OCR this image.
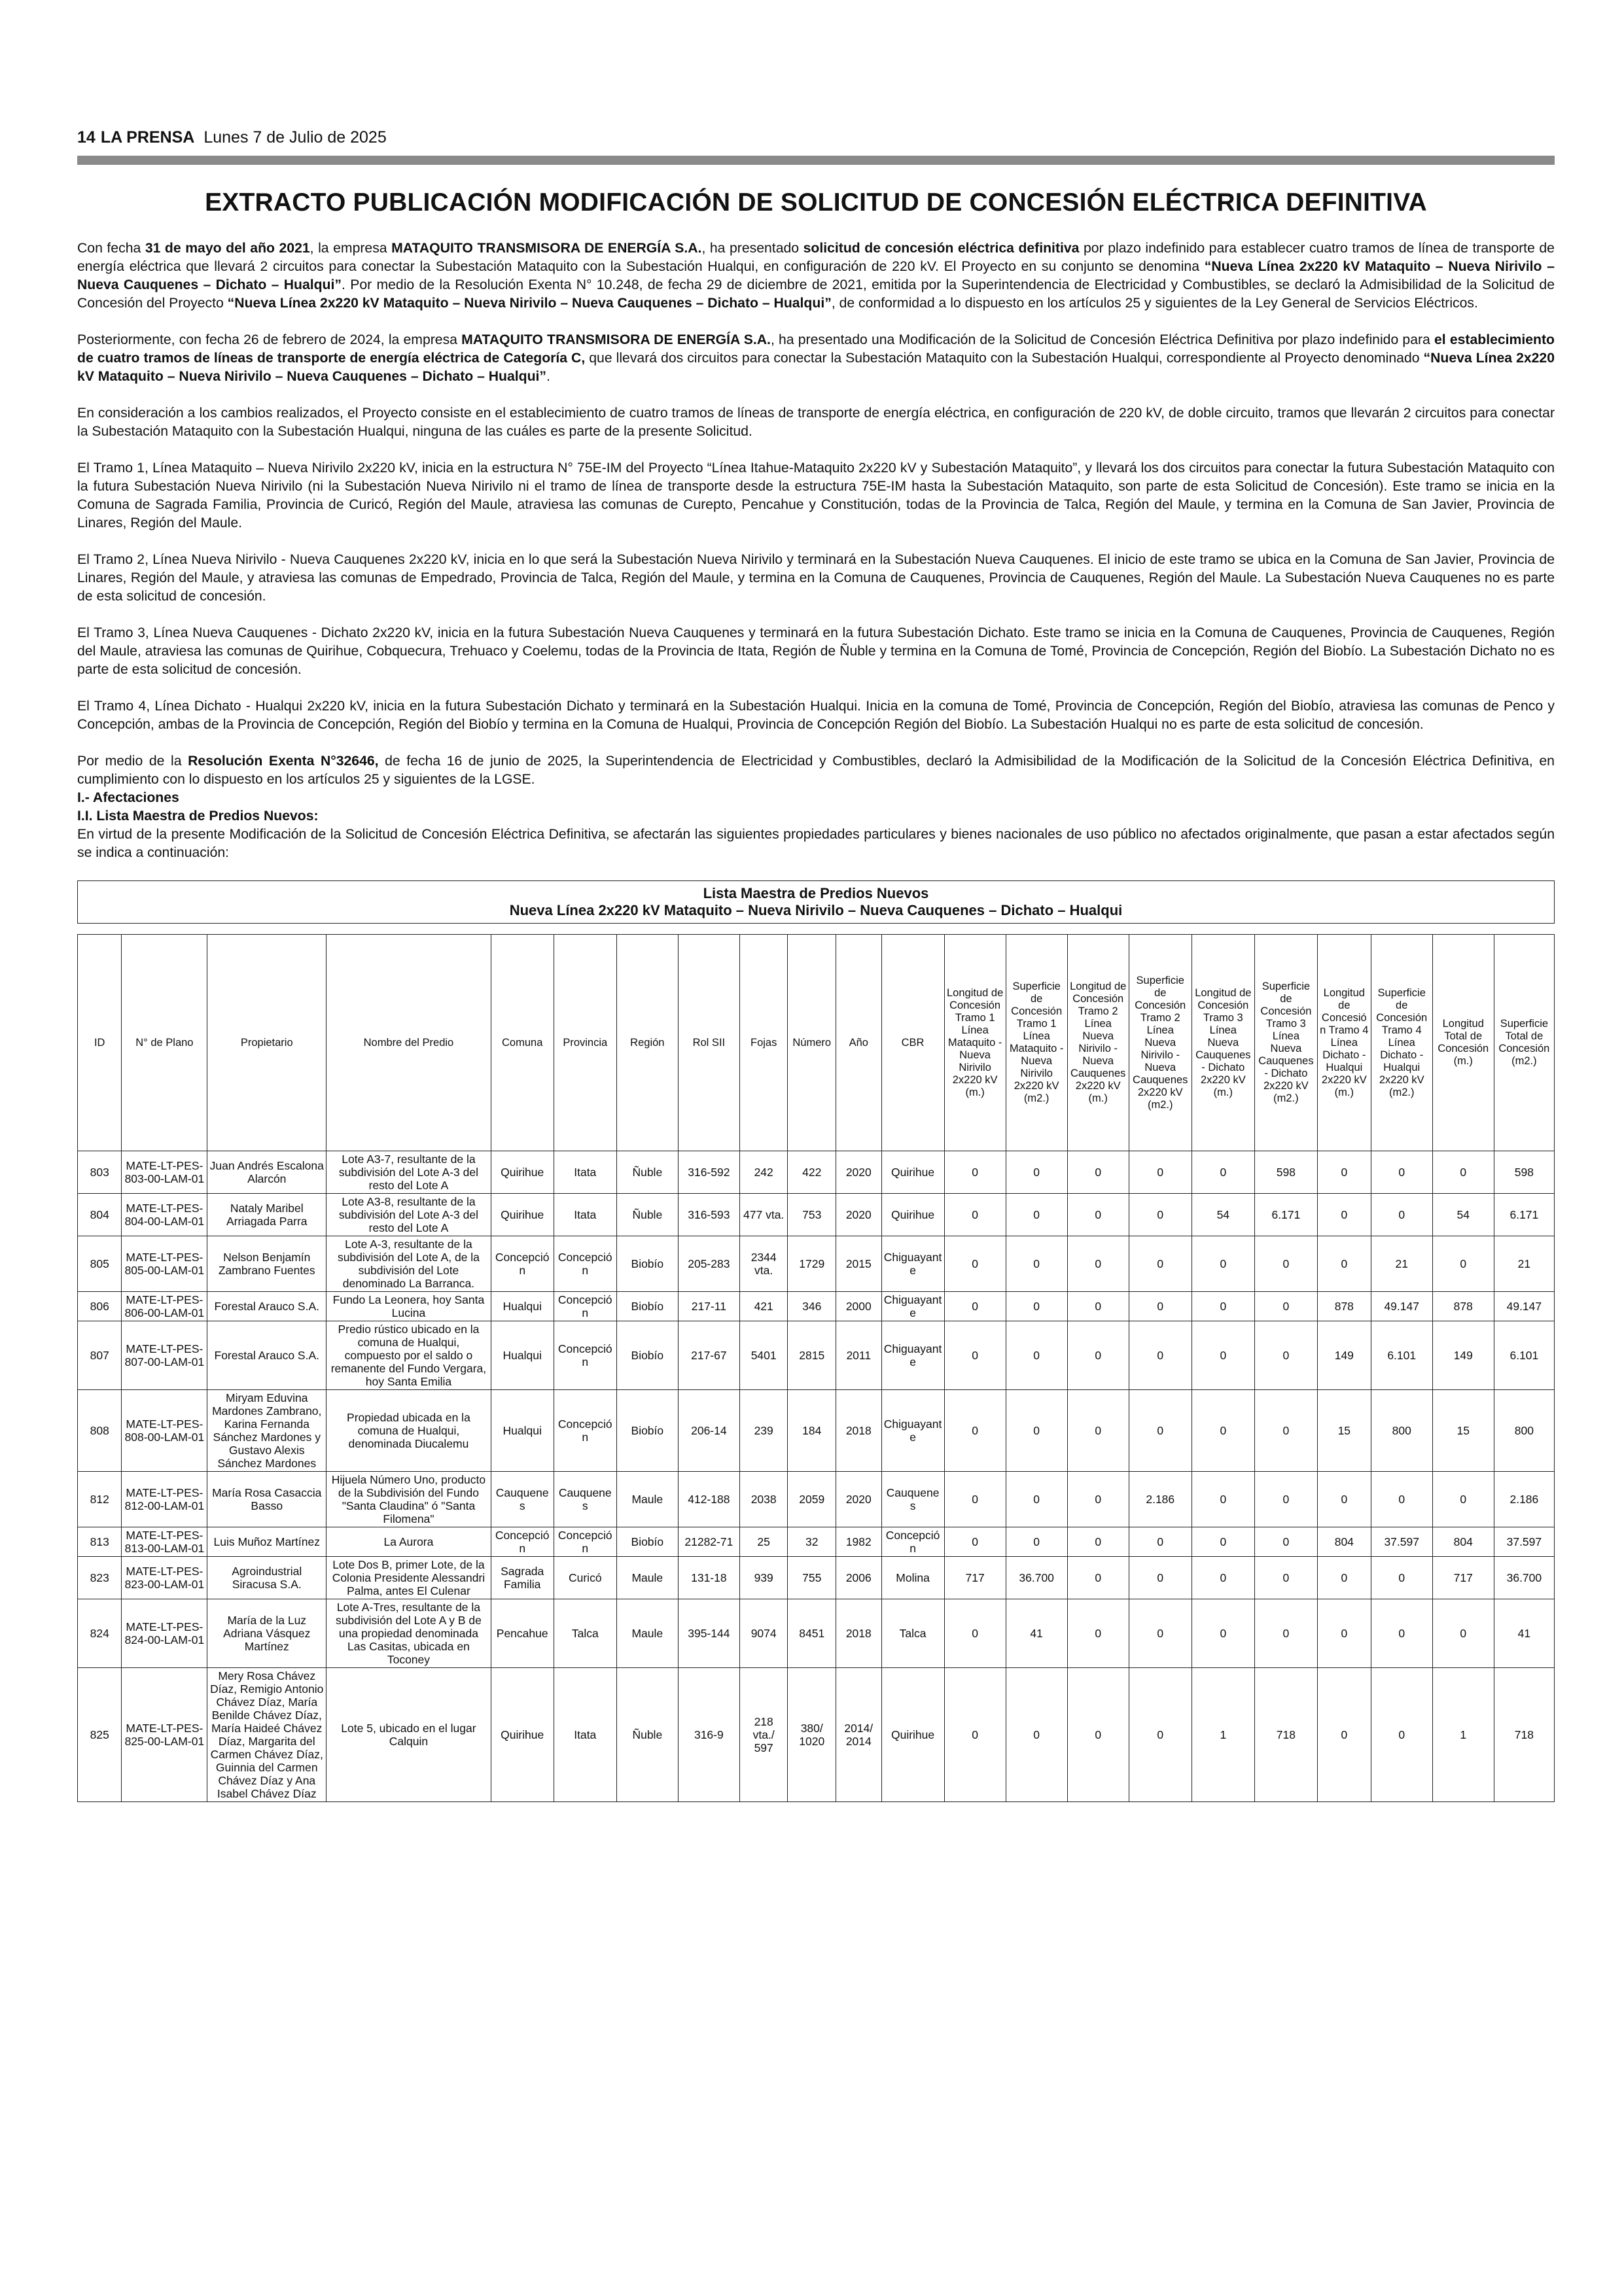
14 LA PRENSA Lunes 7 de Julio de 2025
EXTRACTO PUBLICACIÓN MODIFICACIÓN DE SOLICITUD DE CONCESIÓN ELÉCTRICA DEFINITIVA

Con fecha 31 de mayo del año 2021, la empresa MATAQUITO TRANSMISORA DE ENERGÍA S.A., ha presentado solicitud de concesión eléctrica definitiva por plazo indefinido para establecer cuatro tramos de línea de transporte de energía eléctrica que llevará 2 circuitos para conectar la Subestación Mataquito con la Subestación Hualqui, en configuración de 220 kV. El Proyecto en su conjunto se denomina “Nueva Línea 2x220 kV Mataquito – Nueva Nirivilo – Nueva Cauquenes – Dichato – Hualqui”. Por medio de la Resolución Exenta N° 10.248, de fecha 29 de diciembre de 2021, emitida por la Superintendencia de Electricidad y Combustibles, se declaró la Admisibilidad de la Solicitud de Concesión del Proyecto “Nueva Línea 2x220 kV Mataquito – Nueva Nirivilo – Nueva Cauquenes – Dichato – Hualqui”, de conformidad a lo dispuesto en los artículos 25 y siguientes de la Ley General de Servicios Eléctricos.

Posteriormente, con fecha 26 de febrero de 2024, la empresa MATAQUITO TRANSMISORA DE ENERGÍA S.A., ha presentado una Modificación de la Solicitud de Concesión Eléctrica Definitiva por plazo indefinido para el establecimiento de cuatro tramos de líneas de transporte de energía eléctrica de Categoría C, que llevará dos circuitos para conectar la Subestación Mataquito con la Subestación Hualqui, correspondiente al Proyecto denominado “Nueva Línea 2x220 kV Mataquito – Nueva Nirivilo – Nueva Cauquenes – Dichato – Hualqui”.

En consideración a los cambios realizados, el Proyecto consiste en el establecimiento de cuatro tramos de líneas de transporte de energía eléctrica, en configuración de 220 kV, de doble circuito, tramos que llevarán 2 circuitos para conectar la Subestación Mataquito con la Subestación Hualqui, ninguna de las cuáles es parte de la presente Solicitud.

El Tramo 1, Línea Mataquito – Nueva Nirivilo 2x220 kV, inicia en la estructura N° 75E-IM del Proyecto “Línea Itahue-Mataquito 2x220 kV y Subestación Mataquito”, y llevará los dos circuitos para conectar la futura Subestación Mataquito con la futura Subestación Nueva Nirivilo (ni la Subestación Nueva Nirivilo ni el tramo de línea de transporte desde la estructura 75E-IM hasta la Subestación Mataquito, son parte de esta Solicitud de Concesión). Este tramo se inicia en la Comuna de Sagrada Familia, Provincia de Curicó, Región del Maule, atraviesa las comunas de Curepto, Pencahue y Constitución, todas de la Provincia de Talca, Región del Maule, y termina en la Comuna de San Javier, Provincia de Linares, Región del Maule.

El Tramo 2, Línea Nueva Nirivilo - Nueva Cauquenes 2x220 kV, inicia en lo que será la Subestación Nueva Nirivilo y terminará en la Subestación Nueva Cauquenes. El inicio de este tramo se ubica en la Comuna de San Javier, Provincia de Linares, Región del Maule, y atraviesa las comunas de Empedrado, Provincia de Talca, Región del Maule, y termina en la Comuna de Cauquenes, Provincia de Cauquenes, Región del Maule. La Subestación Nueva Cauquenes no es parte de esta solicitud de concesión.

El Tramo 3, Línea Nueva Cauquenes - Dichato 2x220 kV, inicia en la futura Subestación Nueva Cauquenes y terminará en la futura Subestación Dichato. Este tramo se inicia en la Comuna de Cauquenes, Provincia de Cauquenes, Región del Maule, atraviesa las comunas de Quirihue, Cobquecura, Trehuaco y Coelemu, todas de la Provincia de Itata, Región de Ñuble y termina en la Comuna de Tomé, Provincia de Concepción, Región del Biobío. La Subestación Dichato no es parte de esta solicitud de concesión.

El Tramo 4, Línea Dichato - Hualqui 2x220 kV, inicia en la futura Subestación Dichato y terminará en la Subestación Hualqui. Inicia en la comuna de Tomé, Provincia de Concepción, Región del Biobío, atraviesa las comunas de Penco y Concepción, ambas de la Provincia de Concepción, Región del Biobío y termina en la Comuna de Hualqui, Provincia de Concepción Región del Biobío. La Subestación Hualqui no es parte de esta solicitud de concesión.

Por medio de la Resolución Exenta N°32646, de fecha 16 de junio de 2025, la Superintendencia de Electricidad y Combustibles, declaró la Admisibilidad de la Modificación de la Solicitud de la Concesión Eléctrica Definitiva, en cumplimiento con lo dispuesto en los artículos 25 y siguientes de la LGSE.

I.- Afectaciones

I.I. Lista Maestra de Predios Nuevos:

En virtud de la presente Modificación de la Solicitud de Concesión Eléctrica Definitiva, se afectarán las siguientes propiedades particulares y bienes nacionales de uso público no afectados originalmente, que pasan a estar afectados según se indica a continuación:

Lista Maestra de Predios Nuevos
Nueva Línea 2x220 kV Mataquito – Nueva Nirivilo – Nueva Cauquenes – Dichato – Hualqui																					

ID	N° de Plano	Propietario	Nombre del Predio	Comuna	Provincia	Región	Rol SII	Fojas	Número	Año	CBR	Longitud de Concesión Tramo 1 Línea Mataquito - Nueva Nirivilo 2x220 kV (m.)	Superficie de Concesión Tramo 1 Línea Mataquito - Nueva Nirivilo 2x220 kV (m2.)	Longitud de Concesión Tramo 2 Línea Nueva Nirivilo - Nueva Cauquenes 2x220 kV (m.)	Superficie de Concesión Tramo 2 Línea Nueva Nirivilo - Nueva Cauquenes 2x220 kV (m2.)	Longitud de Concesión Tramo 3 Línea Nueva Cauquenes - Dichato 2x220 kV (m.)	Superficie de Concesión Tramo 3 Línea Nueva Cauquenes - Dichato 2x220 kV (m2.)	Longitud de Concesión Tramo 4 Línea Dichato - Hualqui 2x220 kV (m.)	Superficie de Concesión Tramo 4 Línea Dichato - Hualqui 2x220 kV (m2.)	Longitud Total de Concesión (m.)	Superficie Total de Concesión (m2.)
803	MATE-LT-PES-803-00-LAM-01	Juan Andrés Escalona Alarcón	Lote A3-7, resultante de la subdivisión del Lote A-3 del resto del Lote A	Quirihue	Itata	Ñuble	316-592	242	422	2020	Quirihue	0	0	0	0	0	598	0	0	0	598
804	MATE-LT-PES-804-00-LAM-01	Nataly Maribel Arriagada Parra	Lote A3-8, resultante de la subdivisión del Lote A-3 del resto del Lote A	Quirihue	Itata	Ñuble	316-593	477 vta.	753	2020	Quirihue	0	0	0	0	54	6.171	0	0	54	6.171
805	MATE-LT-PES-805-00-LAM-01	Nelson Benjamín Zambrano Fuentes	Lote A-3, resultante de la subdivisión del Lote A, de la subdivisión del Lote denominado La Barranca.	Concepción	Concepción	Biobío	205-283	2344 vta.	1729	2015	Chiguayante	0	0	0	0	0	0	0	21	0	21
806	MATE-LT-PES-806-00-LAM-01	Forestal Arauco S.A.	Fundo La Leonera, hoy Santa Lucina	Hualqui	Concepción	Biobío	217-11	421	346	2000	Chiguayante	0	0	0	0	0	0	878	49.147	878	49.147
807	MATE-LT-PES-807-00-LAM-01	Forestal Arauco S.A.	Predio rústico ubicado en la comuna de Hualqui, compuesto por el saldo o remanente del Fundo Vergara, hoy Santa Emilia	Hualqui	Concepción	Biobío	217-67	5401	2815	2011	Chiguayante	0	0	0	0	0	0	149	6.101	149	6.101
808	MATE-LT-PES-808-00-LAM-01	Miryam Eduvina Mardones Zambrano, Karina Fernanda Sánchez Mardones y Gustavo Alexis Sánchez Mardones	Propiedad ubicada en la comuna de Hualqui, denominada Diucalemu	Hualqui	Concepción	Biobío	206-14	239	184	2018	Chiguayante	0	0	0	0	0	0	15	800	15	800
812	MATE-LT-PES-812-00-LAM-01	María Rosa Casaccia Basso	Hijuela Número Uno, producto de la Subdivisión del Fundo "Santa Claudina" ó "Santa Filomena"	Cauquenes	Cauquenes	Maule	412-188	2038	2059	2020	Cauquenes	0	0	0	2.186	0	0	0	0	0	2.186
813	MATE-LT-PES-813-00-LAM-01	Luis Muñoz Martínez	La Aurora	Concepción	Concepción	Biobío	21282-71	25	32	1982	Concepción	0	0	0	0	0	0	804	37.597	804	37.597
823	MATE-LT-PES-823-00-LAM-01	Agroindustrial Siracusa S.A.	Lote Dos B, primer Lote, de la Colonia Presidente Alessandri Palma, antes El Culenar	Sagrada Familia	Curicó	Maule	131-18	939	755	2006	Molina	717	36.700	0	0	0	0	0	0	717	36.700
824	MATE-LT-PES-824-00-LAM-01	María de la Luz Adriana Vásquez Martínez	Lote A-Tres, resultante de la subdivisión del Lote A y B de una propiedad denominada Las Casitas, ubicada en Toconey	Pencahue	Talca	Maule	395-144	9074	8451	2018	Talca	0	41	0	0	0	0	0	0	0	41
825	MATE-LT-PES-825-00-LAM-01	Mery Rosa Chávez Díaz, Remigio Antonio Chávez Díaz, María Benilde Chávez Díaz, María Haideé Chávez Díaz, Margarita del Carmen Chávez Díaz, Guinnia del Carmen Chávez Díaz y Ana Isabel Chávez Díaz	Lote 5, ubicado en el lugar Calquin	Quirihue	Itata	Ñuble	316-9	218 vta./ 597	380/ 1020	2014/ 2014	Quirihue	0	0	0	0	1	718	0	0	1	718
